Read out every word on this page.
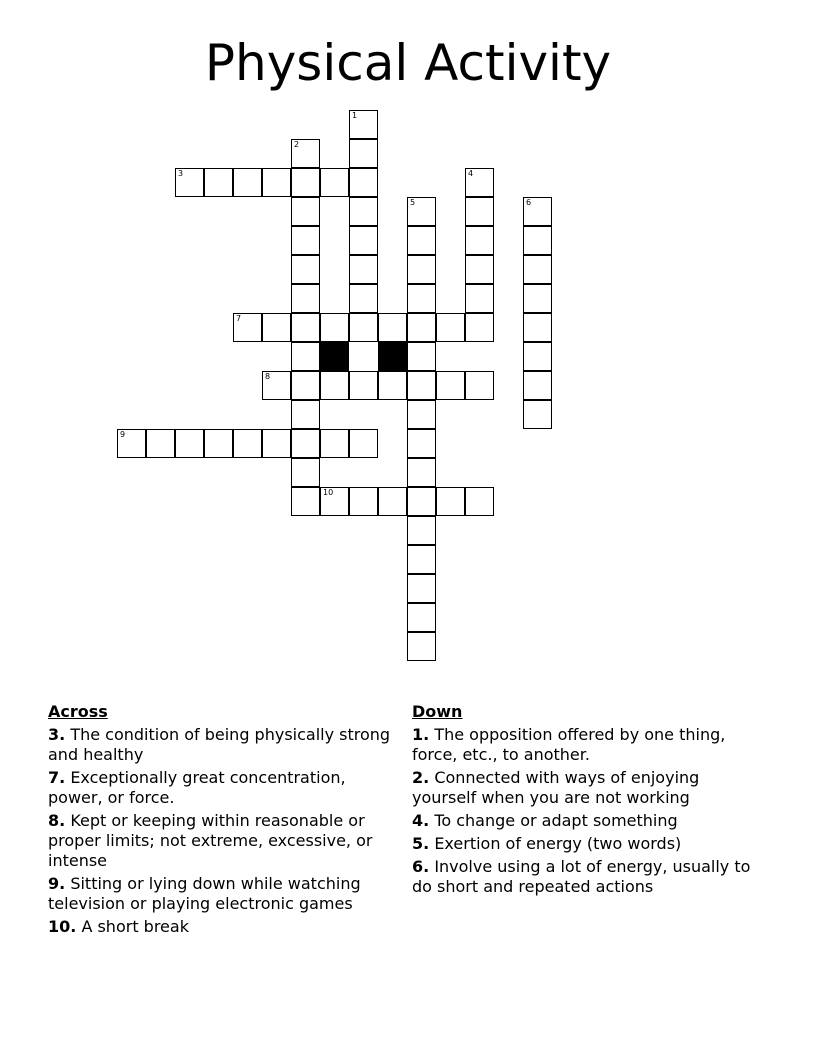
Physical Activity
1
2
3	4
5	6
7
8
9
10
Across
3. The condition of being physically strong and healthy
7. Exceptionally great concentration, power, or force.
8. Kept or keeping within reasonable or proper limits; not extreme, excessive, or intense
9. Sitting or lying down while watching television or playing electronic games
10. A short break
Down
1. The opposition offered by one thing, force, etc., to another.
2. Connected with ways of enjoying yourself when you are not working
4. To change or adapt something
5. Exertion of energy (two words)
6. Involve using a lot of energy, usually to do short and repeated actions
